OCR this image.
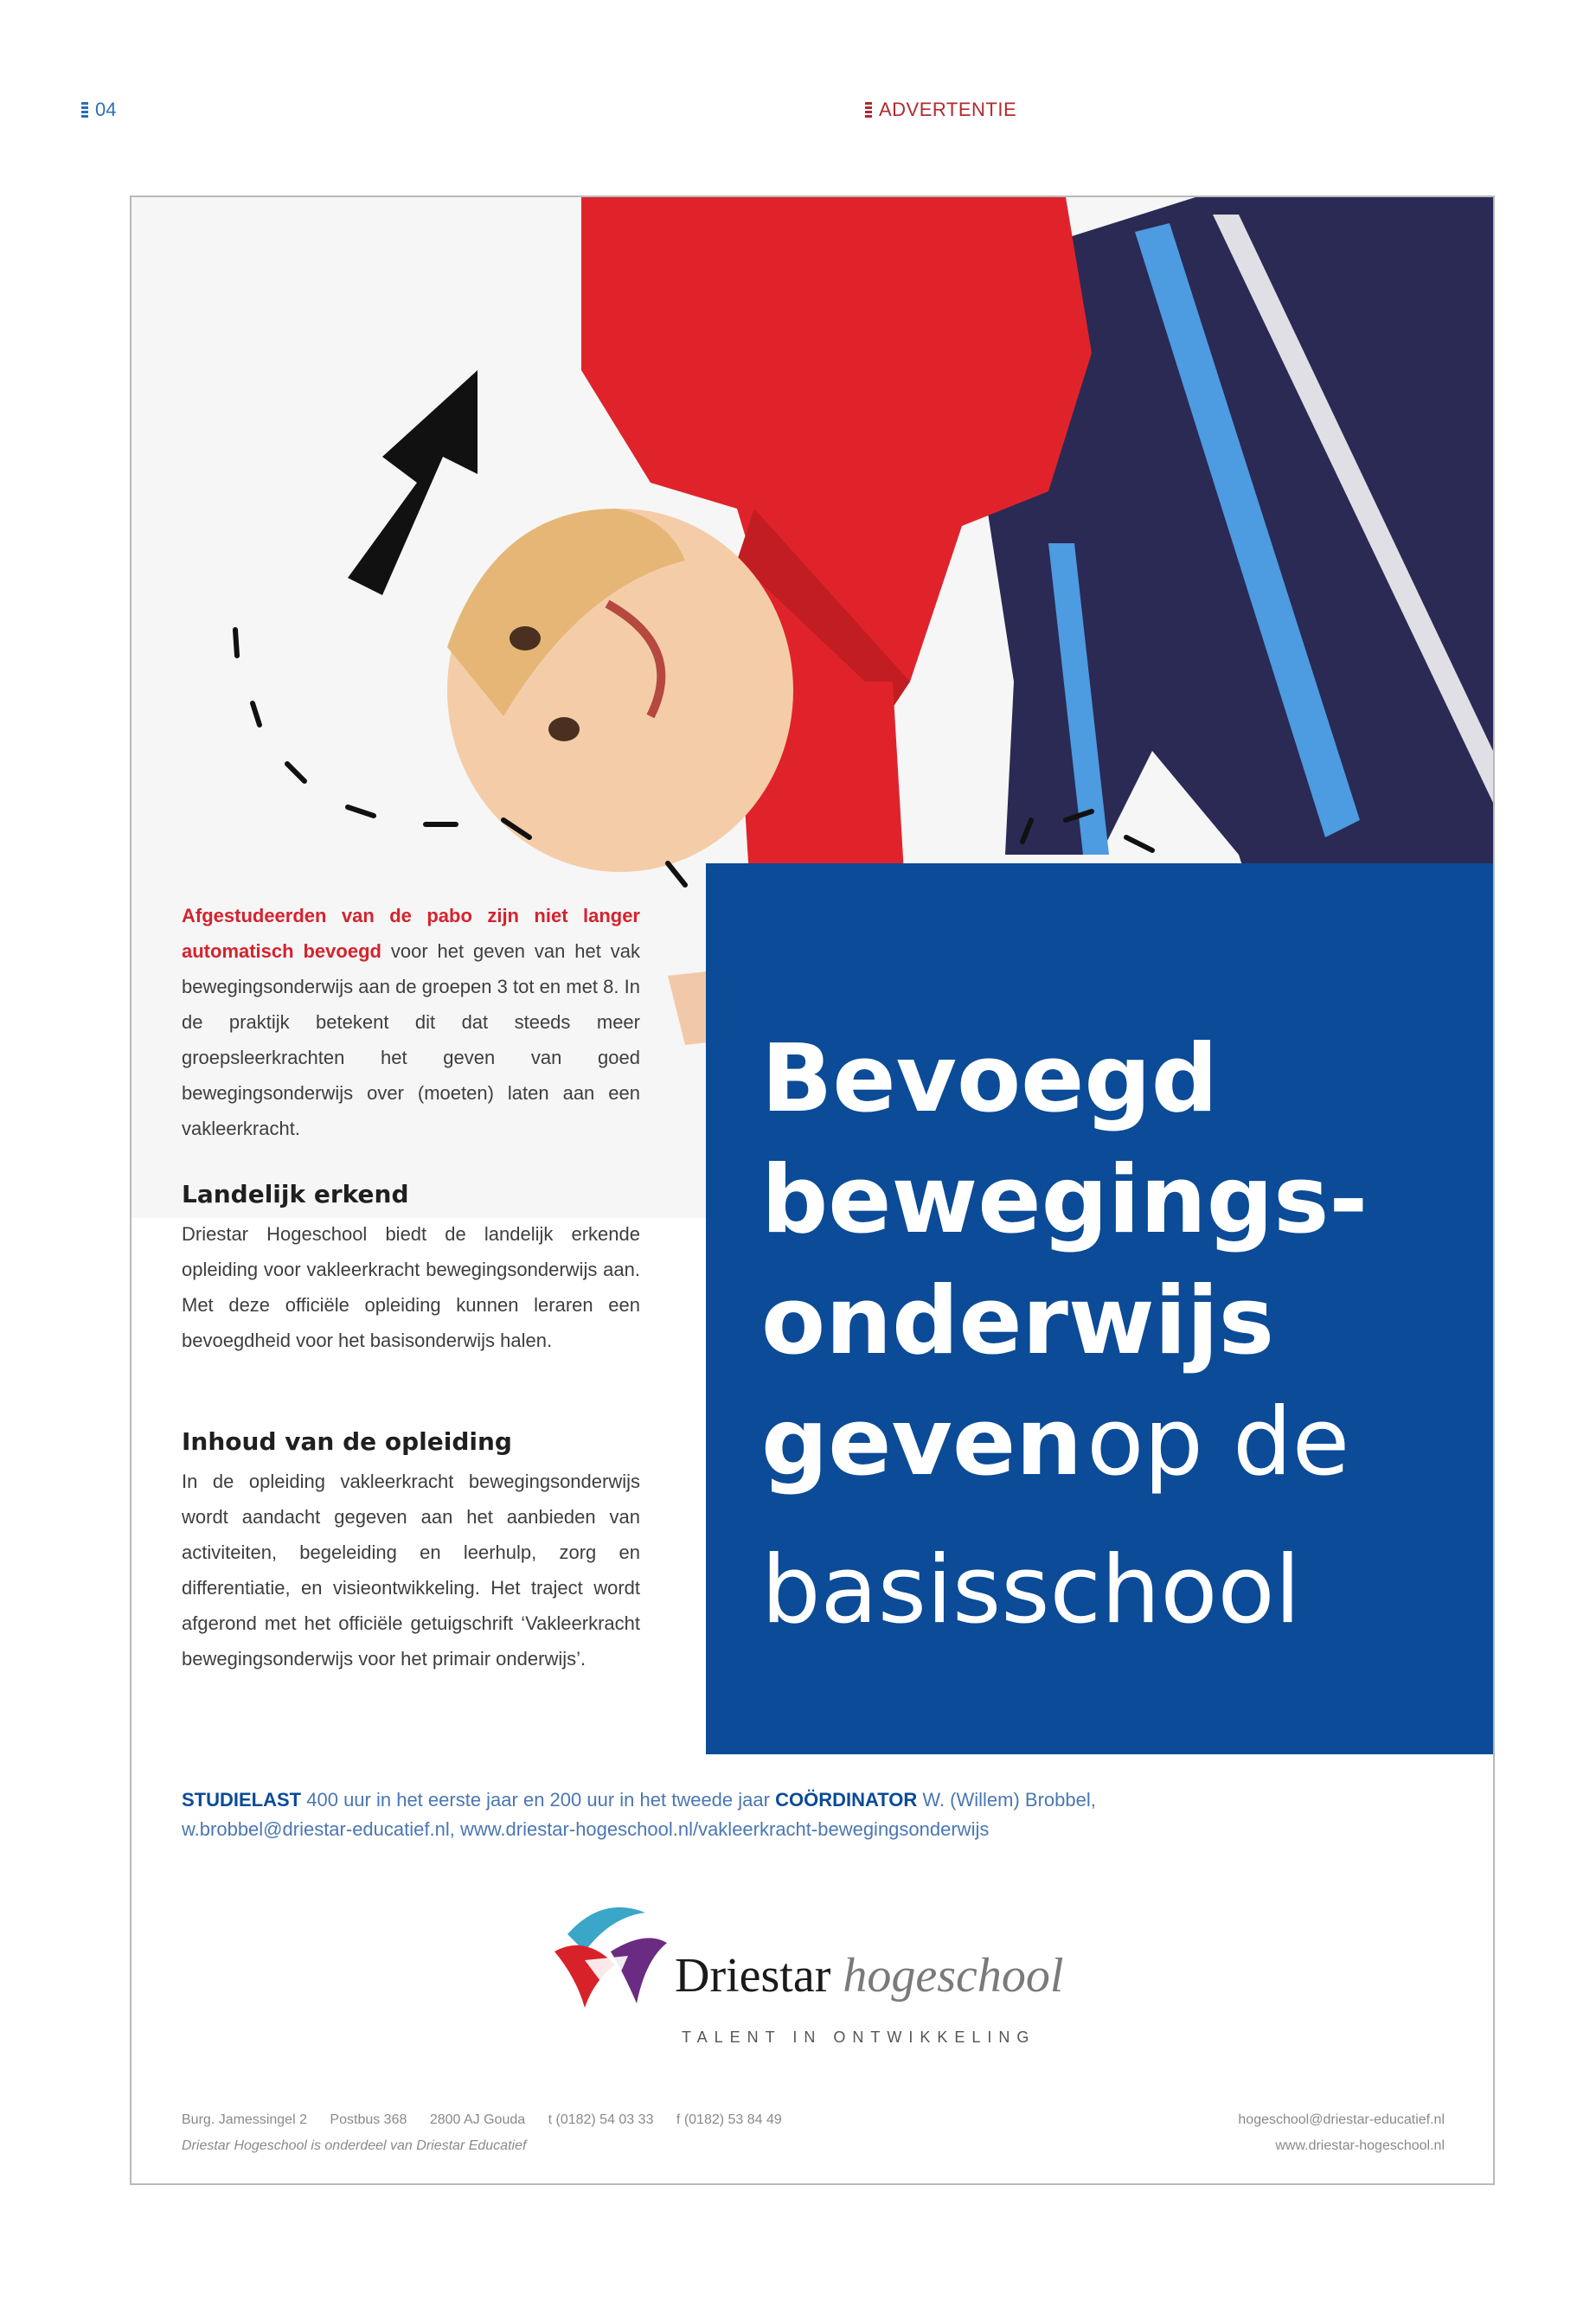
04	ADVERTENTIE
Bevoegd
bewegings-
onderwijs
geven op de
basisschool
Afgestudeerden van de pabo zijn niet langer automatisch bevoegd voor het geven van het vak bewegingsonderwijs aan de groepen 3 tot en met 8. In de praktijk betekent dit dat steeds meer groepsleerkrachten het geven van goed bewegingsonderwijs over (moeten) laten aan een vakleerkracht.
Landelijk erkend
Driestar Hogeschool biedt de landelijk erkende opleiding voor vakleerkracht bewegingsonderwijs aan. Met deze officiële opleiding kunnen leraren een bevoegdheid voor het basisonderwijs halen.
Inhoud van de opleiding
In de opleiding vakleerkracht bewegingsonderwijs wordt aandacht gegeven aan het aanbieden van activiteiten, begeleiding en leerhulp, zorg en differentiatie, en visieontwikkeling. Het traject wordt afgerond met het officiële getuigschrift ‘Vakleerkracht bewegingsonderwijs voor het primair onderwijs’.
STUDIELAST 400 uur in het eerste jaar en 200 uur in het tweede jaar COÖRDINATOR W. (Willem) Brobbel,
w.brobbel@driestar-educatief.nl, www.driestar-hogeschool.nl/vakleerkracht-bewegingsonderwijs
Driestar hogeschool
TALENT IN ONTWIKKELING
Burg. Jamessingel 2 Postbus 368 2800 AJ Gouda t (0182) 54 03 33 f (0182) 53 84 49
Driestar Hogeschool is onderdeel van Driestar Educatief
hogeschool@driestar-educatief.nl
www.driestar-hogeschool.nl
